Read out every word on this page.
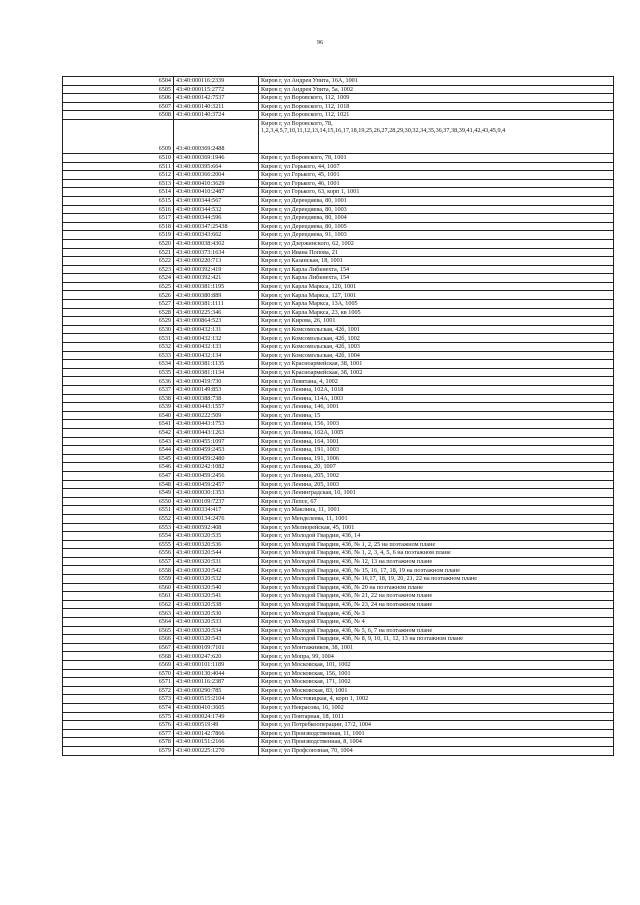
96
6504	43:40:000116:2339	Киров г, ул Андрея Упита, 16А, 1001
6505	43:40:000115:2772	Киров г, ул Андрея Упита, 5а, 1002
6506	43:40:000142:7537	Киров г, ул Воровского, 112, 1009
6507	43:40:000140:3211	Киров г, ул Воровского, 112, 1018
6508	43:40:000140:3724	Киров г, ул Воровского, 112, 1021
6509	43:40:000369:2488	Киров г, ул Воровского, 78,
1,2,3,4,5,7,10,11,12,13,14,15,16,17,18,19,25,26,27,28,29,30,32,34,35,36,37,38,39,41,42,43,45,9,4

6510	43:40:000369:1946	Киров г, ул Воровского, 78, 1001
6511	43:40:000395:664	Киров г, ул Горького, 44, 1007
6512	43:40:000366:2004	Киров г, ул Горького, 45, 1001
6513	43:40:000410:3629	Киров г, ул Горького, 46, 1001
6514	43:40:000410:2487	Киров г, ул Горького, 63, корп 1, 1001
6515	43:40:000344:567	Киров г, ул Дерендяева, 80, 1001
6516	43:40:000344:532	Киров г, ул Дерендяева, 80, 1003
6517	43:40:000344:596	Киров г, ул Дерендяева, 80, 1004
6518	43:40:000347:25438	Киров г, ул Дерендяева, 80, 1005
6519	43:40:000343:662	Киров г, ул Дерендяева, 91, 1003
6520	43:40:000038:4302	Киров г, ул Дзержинского, 62, 1002
6521	43:40:000373:1634	Киров г, ул Ивана Попова, 21
6522	43:40:000220:713	Киров г, ул Казанская, 18, 1001
6523	43:40:000392:419	Киров г, ул Карла Либкнехта, 154
6524	43:40:000392:421	Киров г, ул Карла Либкнехта, 154
6525	43:40:000381:1195	Киров г, ул Карла Маркса, 120, 1001
6526	43:40:000380:889	Киров г, ул Карла Маркса, 127, 1001
6527	43:40:000381:1111	Киров г, ул Карла Маркса, 13А, 1005
6528	43:40:000225:346	Киров г, ул Карла Маркса, 23, кв 1005
6529	43:40:000864:523	Киров г, ул Кирова, 26, 1001
6530	43:40:000432:131	Киров г, ул Комсомольская, 42б, 1001
6531	43:40:000432:132	Киров г, ул Комсомольская, 42б, 1002
6532	43:40:000432:133	Киров г, ул Комсомольская, 42б, 1003
6533	43:40:000432:134	Киров г, ул Комсомольская, 42б, 1004
6534	43:40:000381:1135	Киров г, ул Красноармейская, 38, 1001
6535	43:40:000381:1134	Киров г, ул Красноармейская, 38, 1002
6536	43:40:000419:730	Киров г, ул Левитана, 4, 1002
6537	43:40:000149:853	Киров г, ул Ленина, 102А, 1018
6538	43:40:000388:738	Киров г, ул Ленина, 114А, 1003
6539	43:40:000443:1557	Киров г, ул Ленина, 146, 1001
6540	43:40:000222:509	Киров г, ул Ленина, 15
6541	43:40:000443:1753	Киров г, ул Ленина, 156, 1003
6542	43:40:000443:1263	Киров г, ул Ленина, 162А, 1005
6543	43:40:000455:1097	Киров г, ул Ленина, 164, 1001
6544	43:40:000459:2453	Киров г, ул Ленина, 191, 1003
6545	43:40:000459:2480	Киров г, ул Ленина, 191, 1006
6546	43:40:000242:1082	Киров г, ул Ленина, 20, 1007
6547	43:40:000459:2456	Киров г, ул Ленина, 205, 1002
6548	43:40:000459:2457	Киров г, ул Ленина, 205, 1003
6549	43:40:000030:1353	Киров г, ул Ленинградская, 10, 1001
6550	43:40:000109:7237	Киров г, ул Лепсе, 67
6551	43:40:000334:417	Киров г, ул Маклина, 11, 1001
6552	43:40:000134:2476	Киров г, ул Менделеева, 11, 1001
6553	43:40:000592:408	Киров г, ул Мелиорейская, 45, 1001
6554	43:40:000320:535	Киров г, ул Молодой Гвардии, 43б, 14
6555	43:40:000320:536	Киров г, ул Молодой Гвардии, 43б, № 1, 2, 25 на поэтажном плане
6556	43:40:000320:544	Киров г, ул Молодой Гвардии, 43б, № 1, 2, 3, 4, 5, 6 на поэтажном плане
6557	43:40:000320:531	Киров г, ул Молодой Гвардии, 43б, № 12, 13 на поэтажном плане
6558	43:40:000320:542	Киров г, ул Молодой Гвардии, 43б, № 15, 16, 17, 18, 19 на поэтажном плане
6559	43:40:000320:532	Киров г, ул Молодой Гвардии, 43б, № 16,17, 18, 19, 20, 21, 22 на поэтажном плане
6560	43:40:000320:540	Киров г, ул Молодой Гвардии, 43б, № 20 на поэтажном плане
6561	43:40:000320:541	Киров г, ул Молодой Гвардии, 43б, № 21, 22 на поэтажном плане
6562	43:40:000320:538	Киров г, ул Молодой Гвардии, 43б, № 23, 24 на поэтажном плане
6563	43:40:000320:530	Киров г, ул Молодой Гвардии, 43б, № 3
6564	43:40:000320:533	Киров г, ул Молодой Гвардии, 43б, № 4
6565	43:40:000320:534	Киров г, ул Молодой Гвардии, 43б, № 5, 6, 7 на поэтажном плане
6566	43:40:000320:543	Киров г, ул Молодой Гвардии, 43б, № 8, 9, 10, 11, 12, 13 на поэтажном плане
6567	43:40:000109:7101	Киров г, ул Монтажников, 38, 1001
6568	43:40:000247:620	Киров г, ул Мопра, 99, 1004
6569	43:40:000101:1189	Киров г, ул Московская, 101, 1002
6570	43:40:000130:4044	Киров г, ул Московская, 156, 1001
6571	43:40:000116:2387	Киров г, ул Московская, 171, 1002
6572	43:40:000290:785	Киров г, ул Московская, 83, 1001
6573	43:40:000515:2104	Киров г, ул Мостовицкая, 4, корп 1, 1002
6574	43:40:000410:3605	Киров г, ул Некрасова, 16, 1002
6575	43:40:000024:1749	Киров г, ул Повтарная, 18, 1011
6576	43:40:000519:49	Киров г, ул Потребкооперации, 17/2, 1004
6577	43:40:000142:7866	Киров г, ул Производственная, 11, 1001
6578	43:40:000151:2166	Киров г, ул Производственная, 8, 1004
6579	43:40:000225:1270	Киров г, ул Профсоюзная, 70, 1004
